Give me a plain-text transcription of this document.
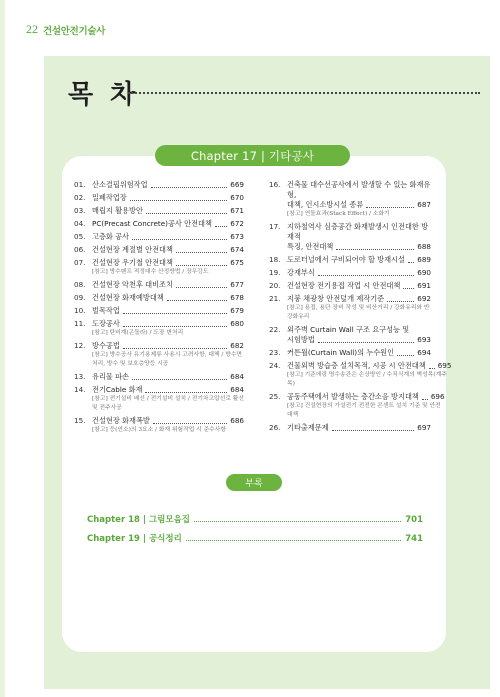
22 건설안전기술사
목 차
Chapter 17 | 기타공사
01. 산소결핍위험작업	669
02. 밀폐작업장	670
03. 매립지 활용방안	671
04. PC(Precast Concrete)공사 안전대책	672
05. 고층화 공사	673
06. 건설현장 계절별 안전대책	674
07. 건설현장 우기철 안전대책	675
[참고] 방수펜프 적정대수 산정방법 / 장우강도
08. 건설현장 악천후 대비조치	677
09. 건설현장 화재예방대책	678
10. 벌목작업	679
11. 도장공사	680
[참고] 탄비계(곤돌라) / 도장 변처리
12. 방수공법	682
[참고] 방수공사 유기용제류 사용시 고려사항, 대책 / 방수면처리, 방수 및 보호층양등 시공
13. 유리물 파손	684
14. 전기Cable 화재	684
[참고] 전기설비 배선 / 전기설비 설치 / 전기차고압선로 활선 및 전주사공
15. 건설현장 화재폭발	686
[참고] 등(연소)의 3요소 / 화재 위험작업 시 준수사항
16. 건축물 대수선공사에서 발생할 수 있는 화재유형,
대책, 인시소방시설 종류	687
[참고] 연돌효과(Stack Effect) / 소화기
17. 지하철역사 심층공간 화재발생시 인전대한 방재적
특징, 안전대책	688
18. 도로터널에서 구비되어야 할 방재시설 689
19. 강재부식	690
20. 건설현장 전기용접 작업 시 안전대책 691
21. 지붕 채광창 안전덮개 제작기준	692
[참고] 용접, 용단 장비 작성 및 비산거리 / 강화유리와 반강화유리
22. 외주벽 Curtain Wall 구조 요구성능 및
시험방법	693
23. 커튼월(Curtain Wall)의 누수원인	694
24. 건물외벽 방습층 설치목적, 시공 시 안전대책 695
[참고] 기준에링 명수송관은 손상방인 / 수직식계의 벽성목(계주목)
25. 공동주택에서 발생하는 층간소음 방지대책 696
[참고] 건설현장의 가설전기 전전한 콘센트 설치 기준 및 안전대책
26. 기타출제문제	697
부록
Chapter 18 | 그림모음집	701
Chapter 19 | 공식정리	741
